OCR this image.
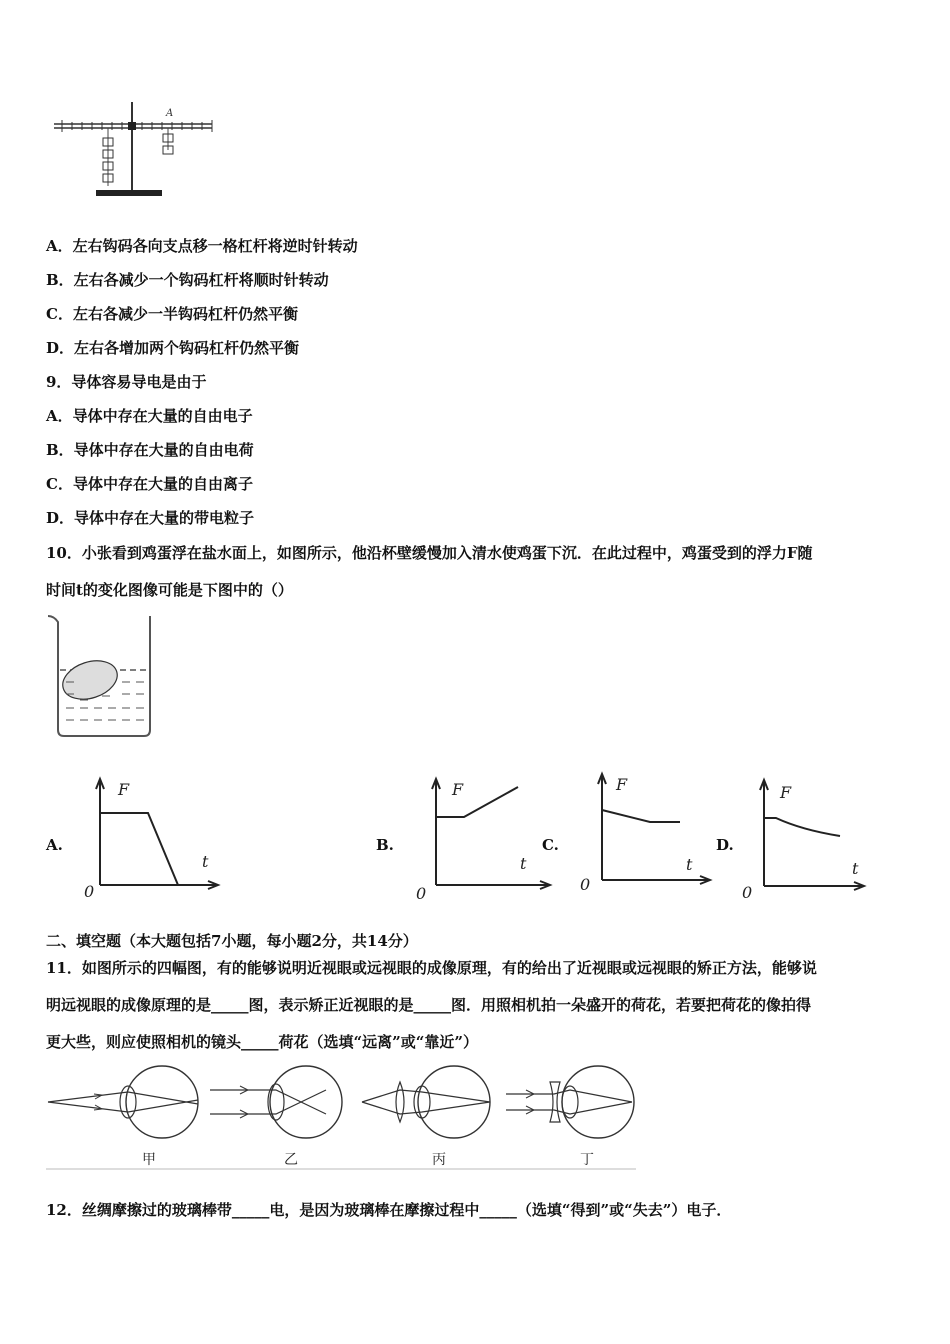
A
A．左右钩码各向支点移一格杠杆将逆时针转动
B．左右各减少一个钩码杠杆将顺时针转动
C．左右各减少一半钩码杠杆仍然平衡
D．左右各增加两个钩码杠杆仍然平衡
9．导体容易导电是由于
A．导体中存在大量的自由电子
B．导体中存在大量的自由电荷
C．导体中存在大量的自由离子
D．导体中存在大量的带电粒子
10．小张看到鸡蛋浮在盐水面上，如图所示，他沿杯壁缓慢加入清水使鸡蛋下沉．在此过程中，鸡蛋受到的浮力F随
时间t的变化图像可能是下图中的（）
A.
F
t
0
B.
F
t
0
C.
F
t
0
D.
F
t
0
二、填空题（本大题包括7小题，每小题2分，共14分）
11．如图所示的四幅图，有的能够说明近视眼或远视眼的成像原理，有的给出了近视眼或远视眼的矫正方法，能够说
明远视眼的成像原理的是_____图，表示矫正近视眼的是_____图．用照相机拍一朵盛开的荷花，若要把荷花的像拍得
更大些，则应使照相机的镜头_____荷花（选填“远离”或“靠近”）
甲	乙	丙	丁
12．丝绸摩擦过的玻璃棒带_____电，是因为玻璃棒在摩擦过程中_____（选填“得到”或“失去”）电子．
